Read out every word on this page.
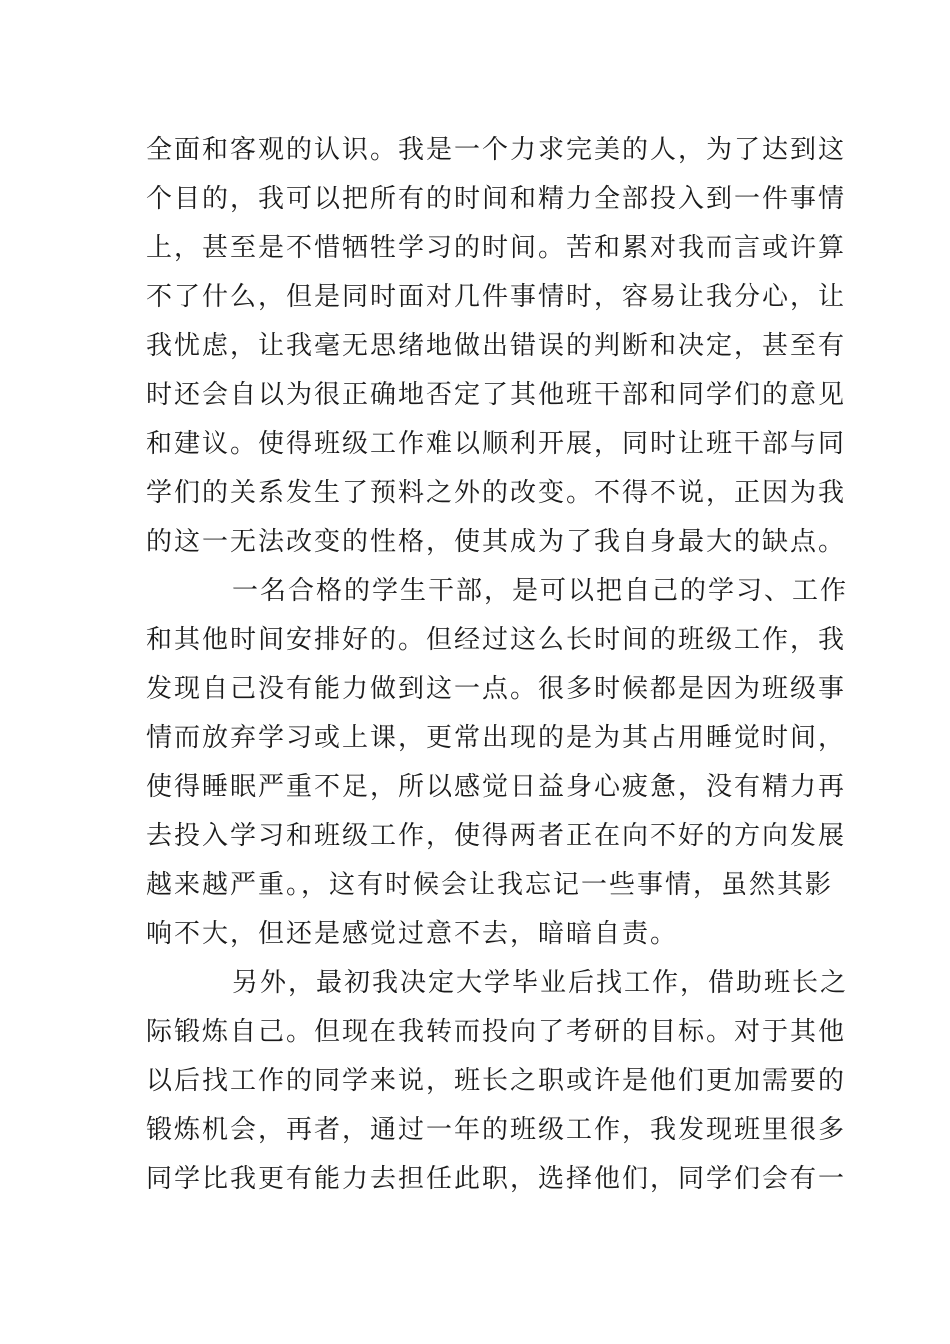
全面和客观的认识。我是一个力求完美的人，为了达到这
个目的，我可以把所有的时间和精力全部投入到一件事情
上，甚至是不惜牺牲学习的时间。苦和累对我而言或许算
不了什么，但是同时面对几件事情时，容易让我分心，让
我忧虑，让我毫无思绪地做出错误的判断和决定，甚至有
时还会自以为很正确地否定了其他班干部和同学们的意见
和建议。使得班级工作难以顺利开展，同时让班干部与同
学们的关系发生了预料之外的改变。不得不说，正因为我
的这一无法改变的性格，使其成为了我自身最大的缺点。
一名合格的学生干部，是可以把自己的学习、工作
和其他时间安排好的。但经过这么长时间的班级工作，我
发现自己没有能力做到这一点。很多时候都是因为班级事
情而放弃学习或上课，更常出现的是为其占用睡觉时间，
使得睡眠严重不足，所以感觉日益身心疲惫，没有精力再
去投入学习和班级工作，使得两者正在向不好的方向发展
越来越严重。，这有时候会让我忘记一些事情，虽然其影
响不大，但还是感觉过意不去，暗暗自责。
另外，最初我决定大学毕业后找工作，借助班长之
际锻炼自己。但现在我转而投向了考研的目标。对于其他
以后找工作的同学来说，班长之职或许是他们更加需要的
锻炼机会，再者，通过一年的班级工作，我发现班里很多
同学比我更有能力去担任此职，选择他们，同学们会有一
